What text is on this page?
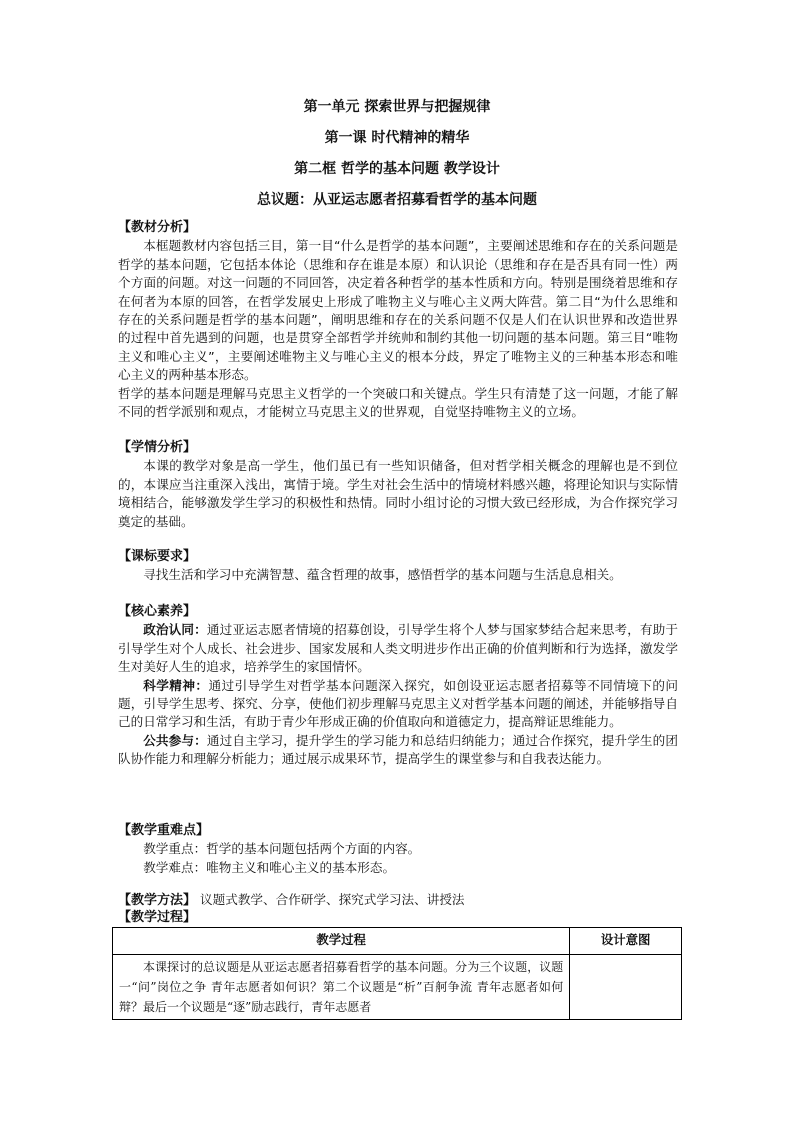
第一单元 探索世界与把握规律
第一课 时代精神的精华
第二框 哲学的基本问题 教学设计
总议题：从亚运志愿者招募看哲学的基本问题
【教材分析】
本框题教材内容包括三目，第一目“什么是哲学的基本问题”，主要阐述思维和存在的关系问题是哲学的基本问题，它包括本体论（思维和存在谁是本原）和认识论（思维和存在是否具有同一性）两个方面的问题。对这一问题的不同回答，决定着各种哲学的基本性质和方向。特别是围绕着思维和存在何者为本原的回答，在哲学发展史上形成了唯物主义与唯心主义两大阵营。第二目“为什么思维和存在的关系问题是哲学的基本问题”，阐明思维和存在的关系问题不仅是人们在认识世界和改造世界的过程中首先遇到的问题，也是贯穿全部哲学并统帅和制约其他一切问题的基本问题。第三目“唯物主义和唯心主义”，主要阐述唯物主义与唯心主义的根本分歧，界定了唯物主义的三种基本形态和唯心主义的两种基本形态。
哲学的基本问题是理解马克思主义哲学的一个突破口和关键点。学生只有清楚了这一问题，才能了解不同的哲学派别和观点，才能树立马克思主义的世界观，自觉坚持唯物主义的立场。
【学情分析】
本课的教学对象是高一学生，他们虽已有一些知识储备，但对哲学相关概念的理解也是不到位的，本课应当注重深入浅出，寓情于境。学生对社会生活中的情境材料感兴趣，将理论知识与实际情境相结合，能够激发学生学习的积极性和热情。同时小组讨论的习惯大致已经形成，为合作探究学习奠定的基础。
【课标要求】
寻找生活和学习中充满智慧、蕴含哲理的故事，感悟哲学的基本问题与生活息息相关。
【核心素养】
政治认同：通过亚运志愿者情境的招募创设，引导学生将个人梦与国家梦结合起来思考，有助于引导学生对个人成长、社会进步、国家发展和人类文明进步作出正确的价值判断和行为选择，激发学生对美好人生的追求，培养学生的家国情怀。
科学精神：通过引导学生对哲学基本问题深入探究，如创设亚运志愿者招募等不同情境下的问题，引导学生思考、探究、分享，使他们初步理解马克思主义对哲学基本问题的阐述，并能够指导自己的日常学习和生活，有助于青少年形成正确的价值取向和道德定力，提高辩证思维能力。
公共参与：通过自主学习，提升学生的学习能力和总结归纳能力；通过合作探究，提升学生的团队协作能力和理解分析能力；通过展示成果环节，提高学生的课堂参与和自我表达能力。
【教学重难点】
教学重点：哲学的基本问题包括两个方面的内容。
教学难点：唯物主义和唯心主义的基本形态。
【教学方法】 议题式教学、合作研学、探究式学习法、讲授法
【教学过程】
教学过程	设计意图

本课探讨的总议题是从亚运志愿者招募看哲学的基本问题。分为三个议题，议题一“问”岗位之争 青年志愿者如何识？第二个议题是“析”百舸争流 青年志愿者如何辩？最后一个议题是“逐”励志践行，青年志愿者	
